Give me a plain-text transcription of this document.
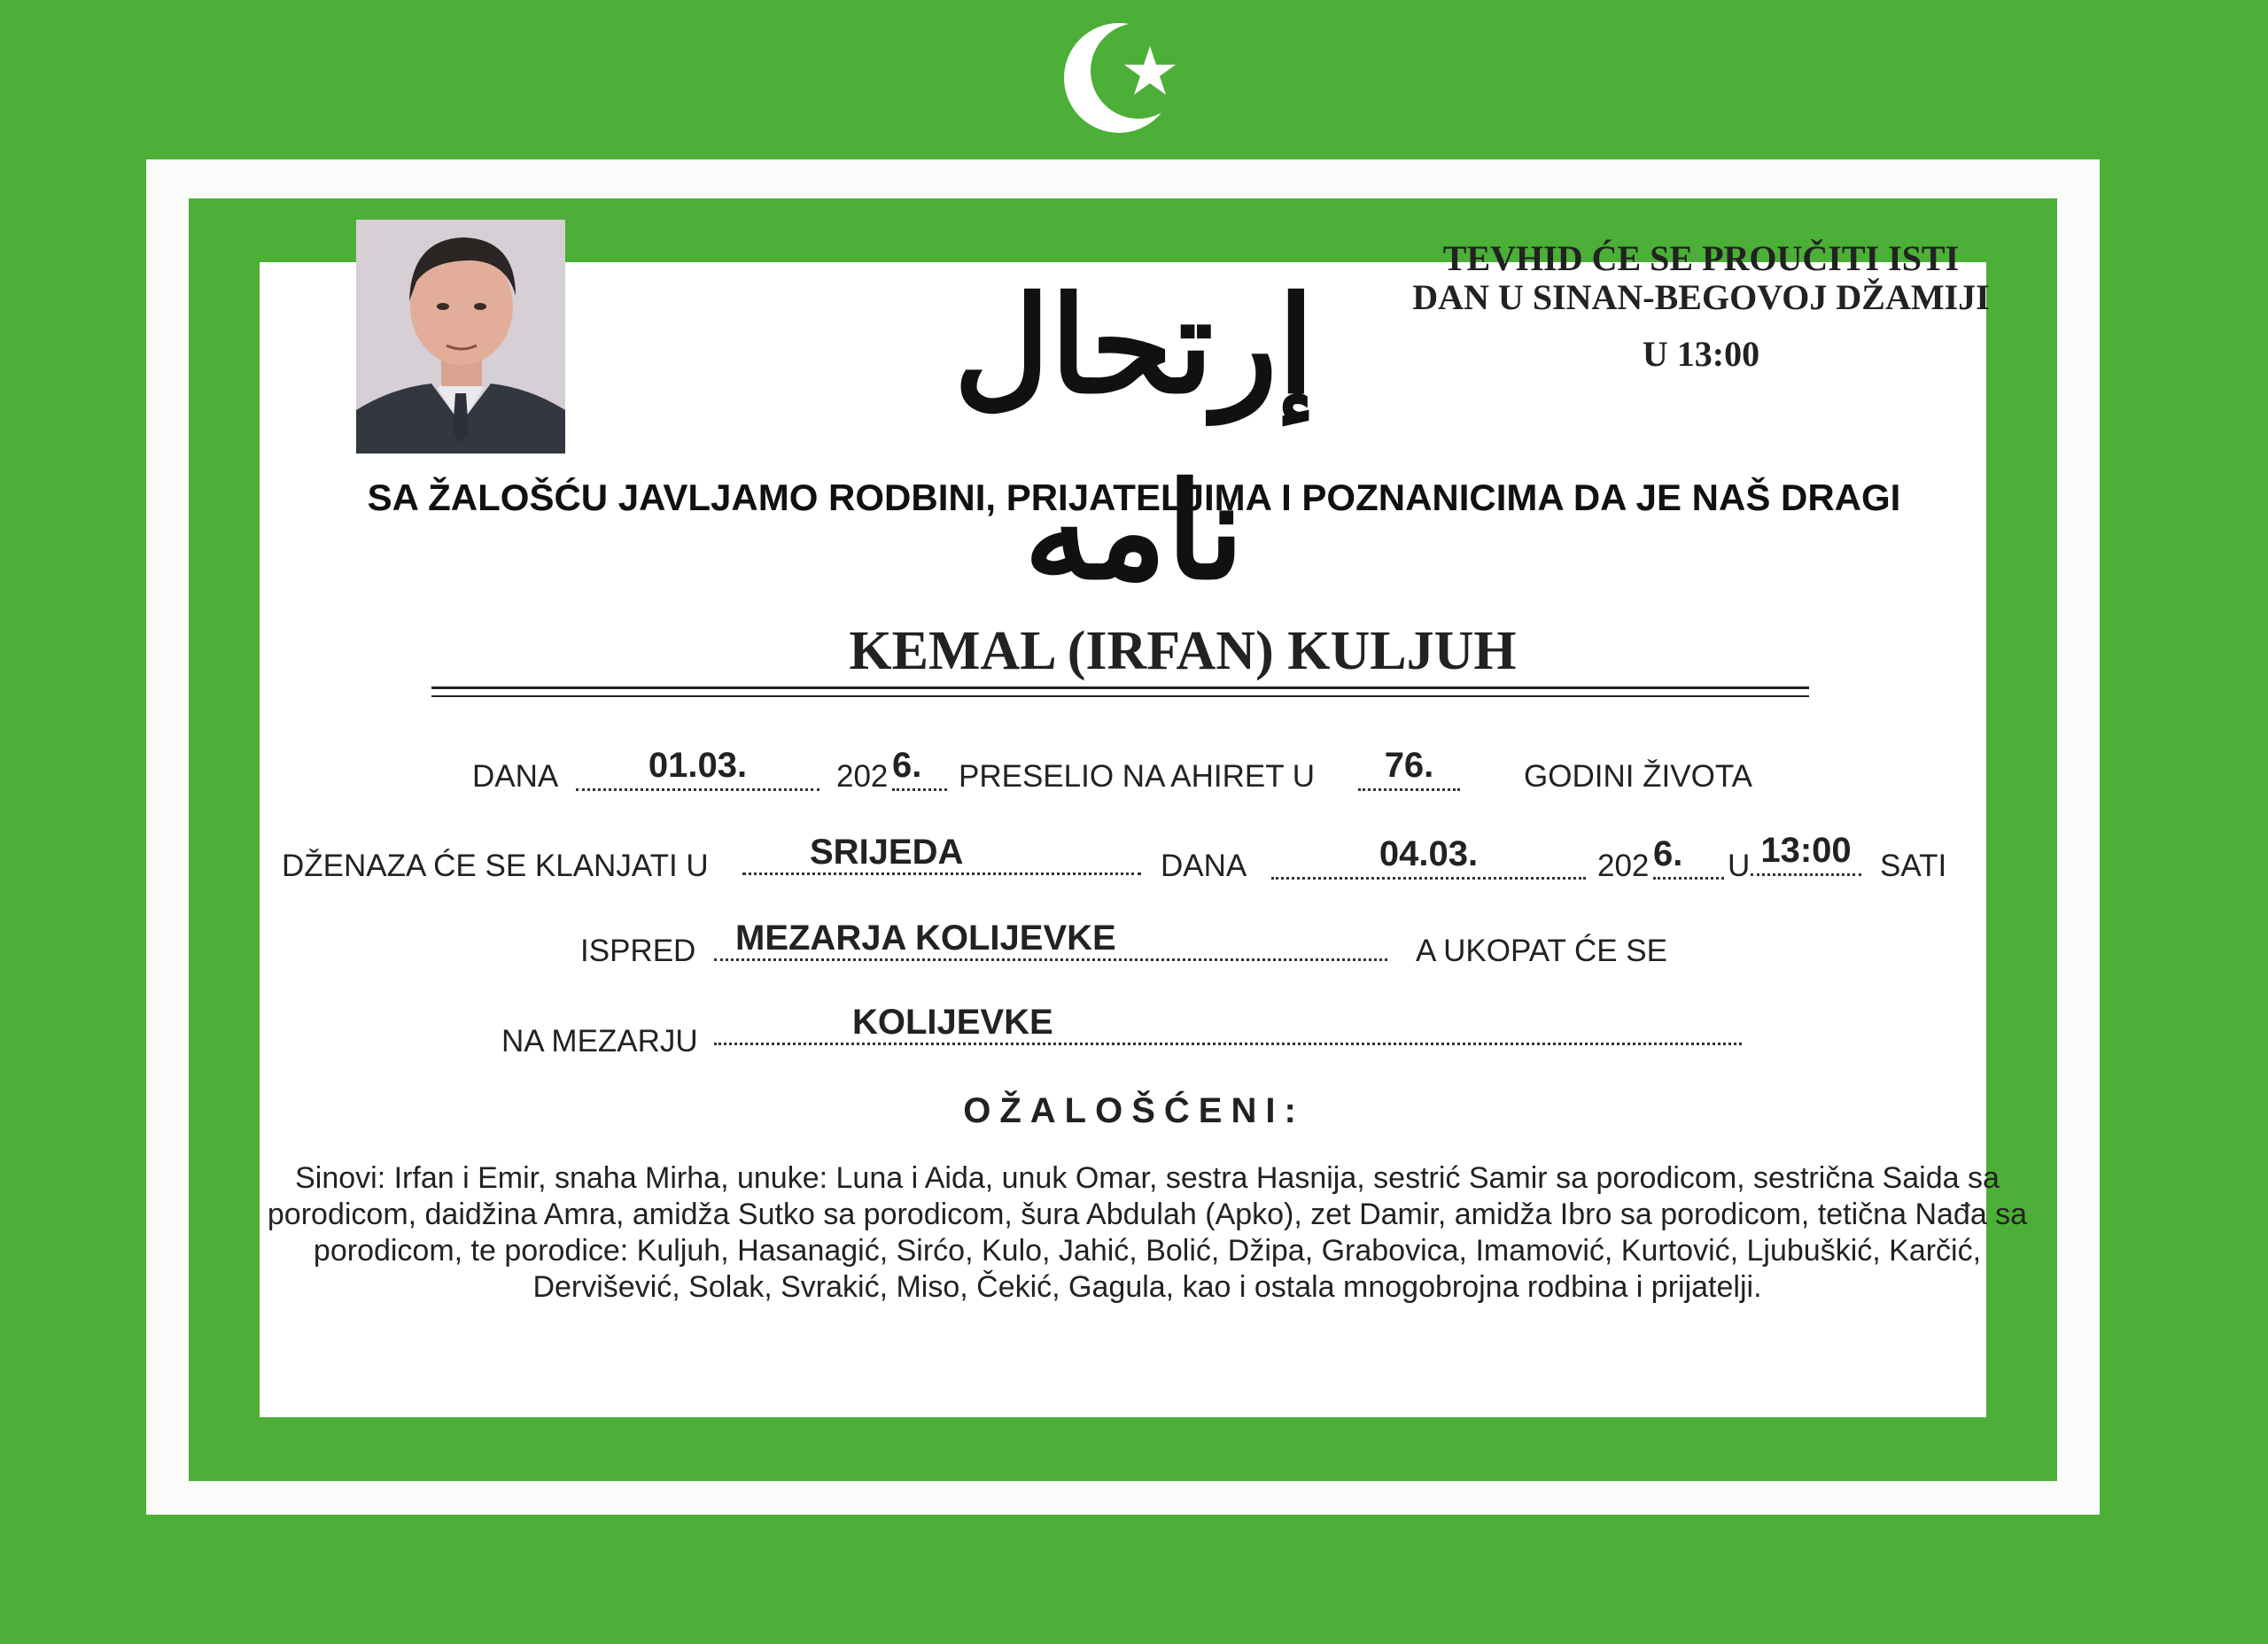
إرتحال نامه
TEVHID ĆE SE PROUČITI ISTI
DAN U SINAN-BEGOVOJ DŽAMIJI
U 13:00
SA ŽALOŠĆU JAVLJAMO RODBINI, PRIJATELJIMA I POZNANICIMA DA JE NAŠ DRAGI
KEMAL (IRFAN) KULJUH
DANA	01.03.	202 6.	PRESELIO NA AHIRET U	76.	GODINI ŽIVOTA
DŽENAZA ĆE SE KLANJATI U	SRIJEDA	DANA	04.03.	202 6.	U 13:00 SATI
ISPRED	MEZARJA KOLIJEVKE	A UKOPAT ĆE SE
NA MEZARJU	KOLIJEVKE
OŽALOŠĆENI:
Sinovi: Irfan i Emir, snaha Mirha, unuke: Luna i Aida, unuk Omar, sestra Hasnija, sestrić Samir sa porodicom, sestrična Saida sa porodicom, daidžina Amra, amidža Sutko sa porodicom, šura Abdulah (Apko), zet Damir, amidža Ibro sa porodicom, tetična Nađa sa porodicom, te porodice: Kuljuh, Hasanagić, Sirćo, Kulo, Jahić, Bolić, Džipa, Grabovica, Imamović, Kurtović, Ljubuškić, Karčić, Dervišević, Solak, Svrakić, Miso, Čekić, Gagula, kao i ostala mnogobrojna rodbina i prijatelji.
